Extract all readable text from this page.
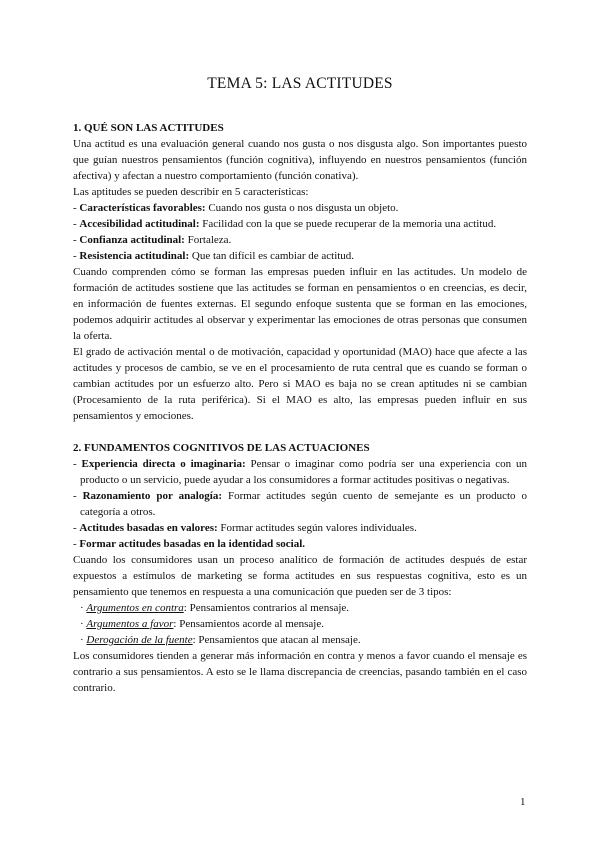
TEMA 5: LAS ACTITUDES

1. QUÉ SON LAS ACTITUDES

Una actitud es una evaluación general cuando nos gusta o nos disgusta algo. Son importantes puesto que guían nuestros pensamientos (función cognitiva), influyendo en nuestros pensamientos (función afectiva) y afectan a nuestro comportamiento (función conativa).

Las aptitudes se pueden describir en 5 características:

- Características favorables: Cuando nos gusta o nos disgusta un objeto.

- Accesibilidad actitudinal: Facilidad con la que se puede recuperar de la memoria una actitud.

- Confianza actitudinal: Fortaleza.

- Resistencia actitudinal: Que tan difícil es cambiar de actitud.

Cuando comprenden cómo se forman las empresas pueden influir en las actitudes. Un modelo de formación de actitudes sostiene que las actitudes se forman en pensamientos o en creencias, es decir, en información de fuentes externas. El segundo enfoque sustenta que se forman en las emociones, podemos adquirir actitudes al observar y experimentar las emociones de otras personas que consumen la oferta.

El grado de activación mental o de motivación, capacidad y oportunidad (MAO) hace que afecte a las actitudes y procesos de cambio, se ve en el procesamiento de ruta central que es cuando se forman o cambian actitudes por un esfuerzo alto. Pero si MAO es baja no se crean aptitudes ni se cambian (Procesamiento de la ruta periférica). Si el MAO es alto, las empresas pueden influir en sus pensamientos y emociones.

2. FUNDAMENTOS COGNITIVOS DE LAS ACTUACIONES

- Experiencia directa o imaginaria: Pensar o imaginar como podría ser una experiencia con un producto o un servicio, puede ayudar a los consumidores a formar actitudes positivas o negativas.

- Razonamiento por analogía: Formar actitudes según cuento de semejante es un producto o categoría a otros.

- Actitudes basadas en valores: Formar actitudes según valores individuales.

- Formar actitudes basadas en la identidad social.

Cuando los consumidores usan un proceso analítico de formación de actitudes después de estar expuestos a estímulos de marketing se forma actitudes en sus respuestas cognitiva, esto es un pensamiento que tenemos en respuesta a una comunicación que pueden ser de 3 tipos:

· Argumentos en contra: Pensamientos contrarios al mensaje.

· Argumentos a favor: Pensamientos acorde al mensaje.

· Derogación de la fuente: Pensamientos que atacan al mensaje.

Los consumidores tienden a generar más información en contra y menos a favor cuando el mensaje es contrario a sus pensamientos. A esto se le llama discrepancia de creencias, pasando también en el caso contrario.

1
